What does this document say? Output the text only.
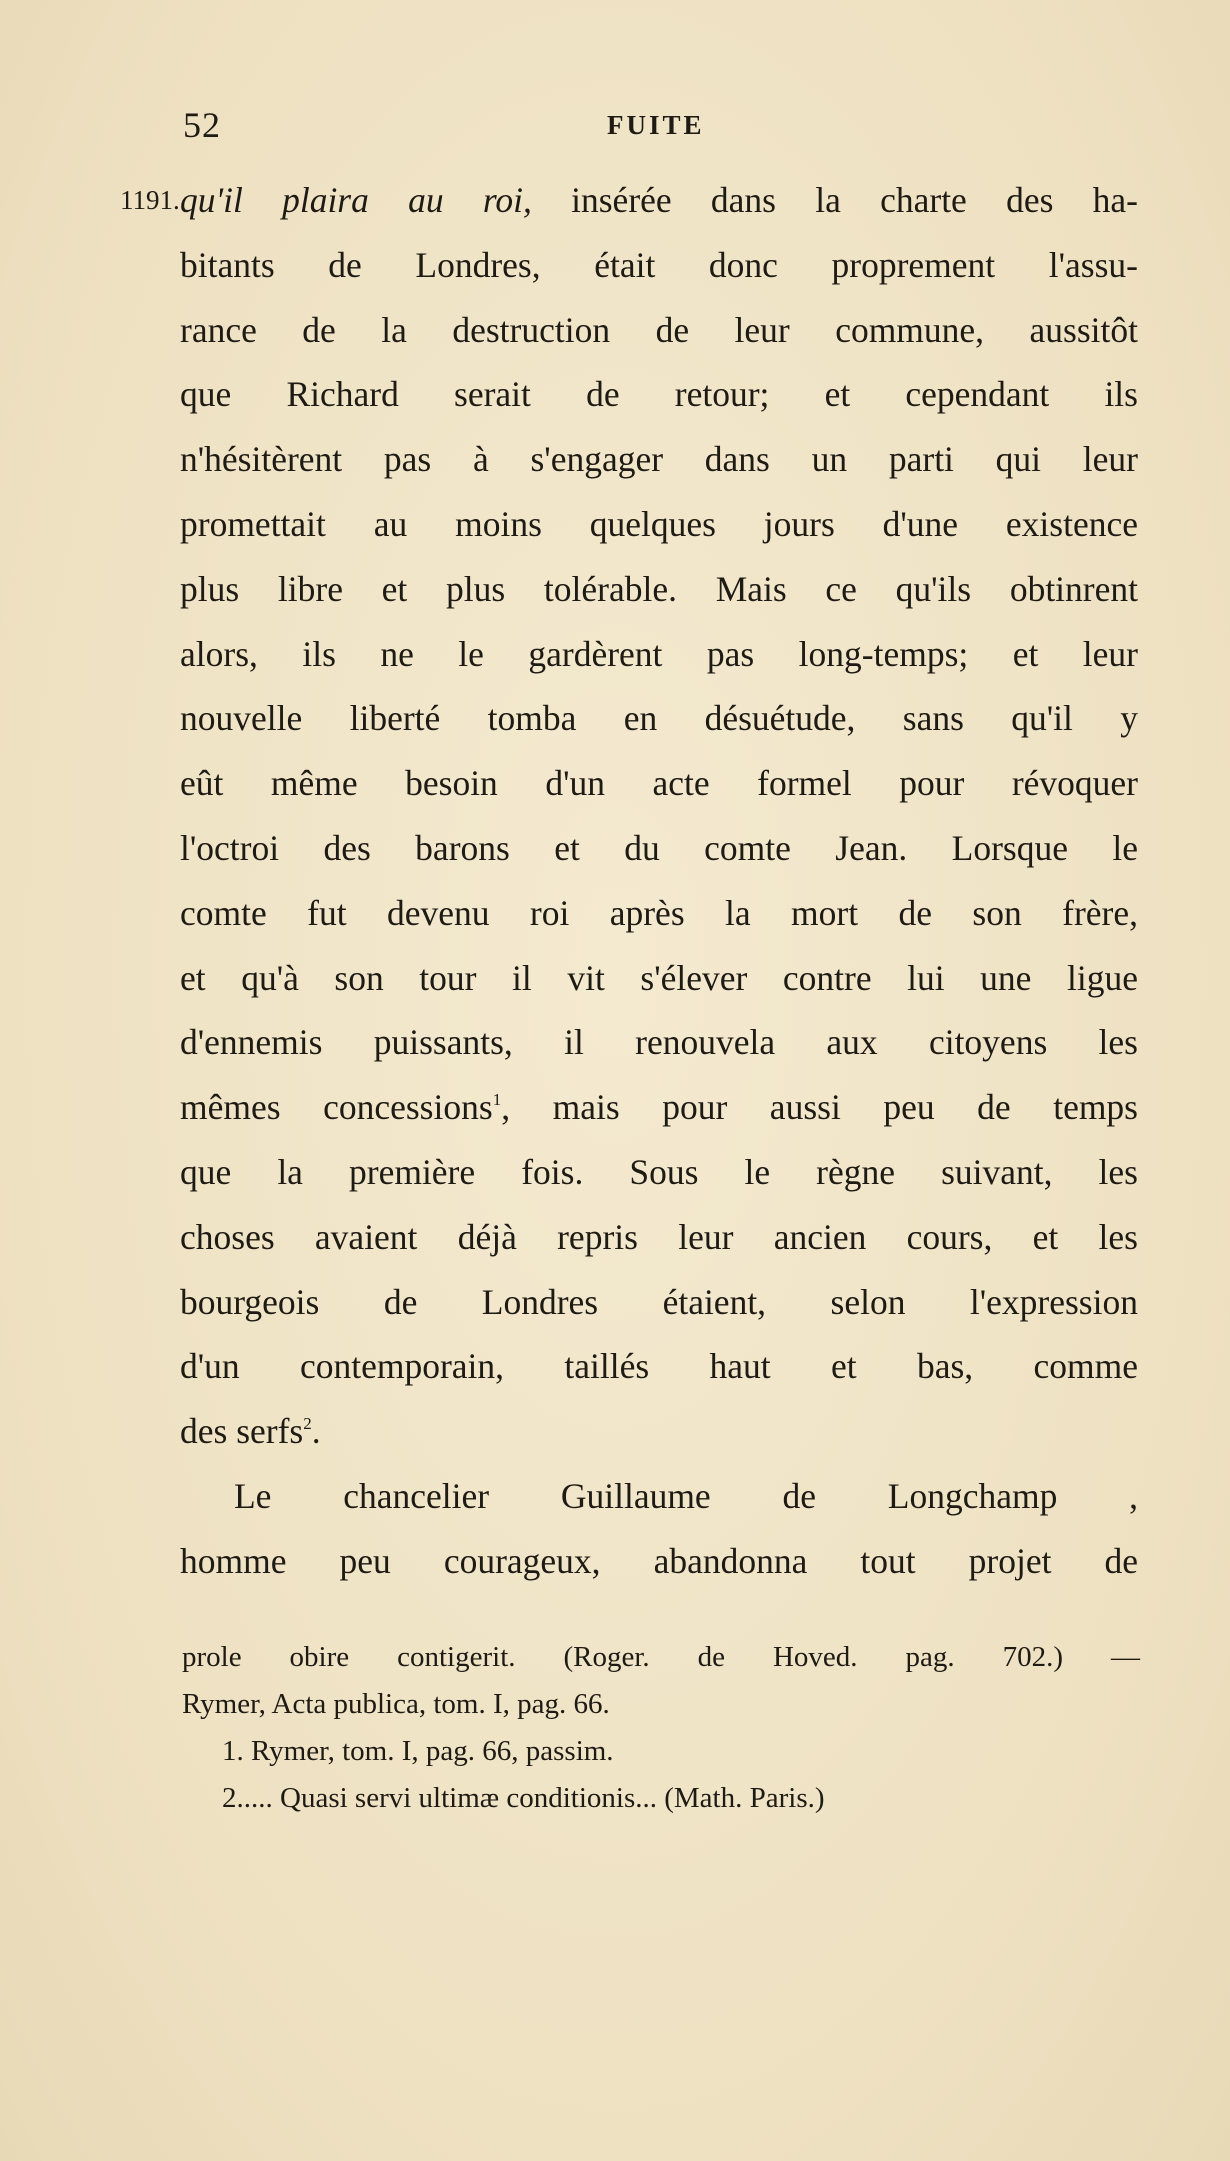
52	FUITE
1191. qu'il plaira au roi, insérée dans la charte des ha-
bitants de Londres, était donc proprement l'assu-
rance de la destruction de leur commune, aussitôt
que Richard serait de retour; et cependant ils
n'hésitèrent pas à s'engager dans un parti qui leur
promettait au moins quelques jours d'une existence
plus libre et plus tolérable. Mais ce qu'ils obtinrent
alors, ils ne le gardèrent pas long-temps; et leur
nouvelle liberté tomba en désuétude, sans qu'il y
eût même besoin d'un acte formel pour révoquer
l'octroi des barons et du comte Jean. Lorsque le
comte fut devenu roi après la mort de son frère,
et qu'à son tour il vit s'élever contre lui une ligue
d'ennemis puissants, il renouvela aux citoyens les
mêmes concessions$^1$, mais pour aussi peu de temps
que la première fois. Sous le règne suivant, les
choses avaient déjà repris leur ancien cours, et les
bourgeois de Londres étaient, selon l'expression
d'un contemporain, taillés haut et bas, comme
des serfs$^2$.
Le chancelier Guillaume de Longchamp ,
homme peu courageux, abandonna tout projet de
prole obire contigerit. (Roger. de Hoved. pag. 702.) —
Rymer, Acta publica, tom. I, pag. 66.
1. Rymer, tom. I, pag. 66, passim.
2..... Quasi servi ultimæ conditionis... (Math. Paris.)
